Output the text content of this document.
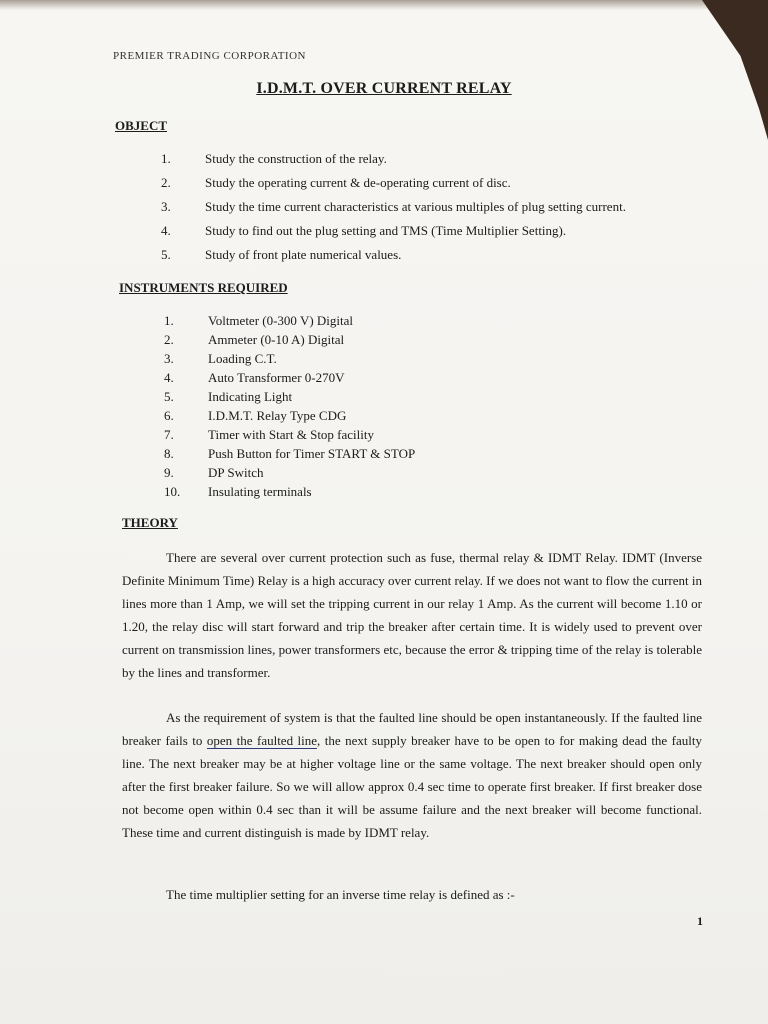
PREMIER TRADING CORPORATION
I.D.M.T. OVER CURRENT RELAY
OBJECT
1.	Study the construction of the relay.
2.	Study the operating current & de-operating current of disc.
3.	Study the time current characteristics at various multiples of plug setting current.
4.	Study to find out the plug setting and TMS (Time Multiplier Setting).
5.	Study of front plate numerical values.
INSTRUMENTS REQUIRED
1.	Voltmeter (0-300 V) Digital
2.	Ammeter (0-10 A) Digital
3.	Loading C.T.
4.	Auto Transformer 0-270V
5.	Indicating Light
6.	I.D.M.T. Relay Type CDG
7.	Timer with Start & Stop facility
8.	Push Button for Timer START & STOP
9.	DP Switch
10.	Insulating terminals
THEORY

There are several over current protection such as fuse, thermal relay & IDMT Relay. IDMT (Inverse Definite Minimum Time) Relay is a high accuracy over current relay. If we does not want to flow the current in lines more than 1 Amp, we will set the tripping current in our relay 1 Amp. As the current will become 1.10 or 1.20, the relay disc will start forward and trip the breaker after certain time. It is widely used to prevent over current on transmission lines, power transformers etc, because the error & tripping time of the relay is tolerable by the lines and transformer.

As the requirement of system is that the faulted line should be open instantaneously. If the faulted line breaker fails to open the faulted line, the next supply breaker have to be open to for making dead the faulty line. The next breaker may be at higher voltage line or the same voltage. The next breaker should open only after the first breaker failure. So we will allow approx 0.4 sec time to operate first breaker. If first breaker dose not become open within 0.4 sec than it will be assume failure and the next breaker will become functional. These time and current distinguish is made by IDMT relay.

The time multiplier setting for an inverse time relay is defined as :-

1
